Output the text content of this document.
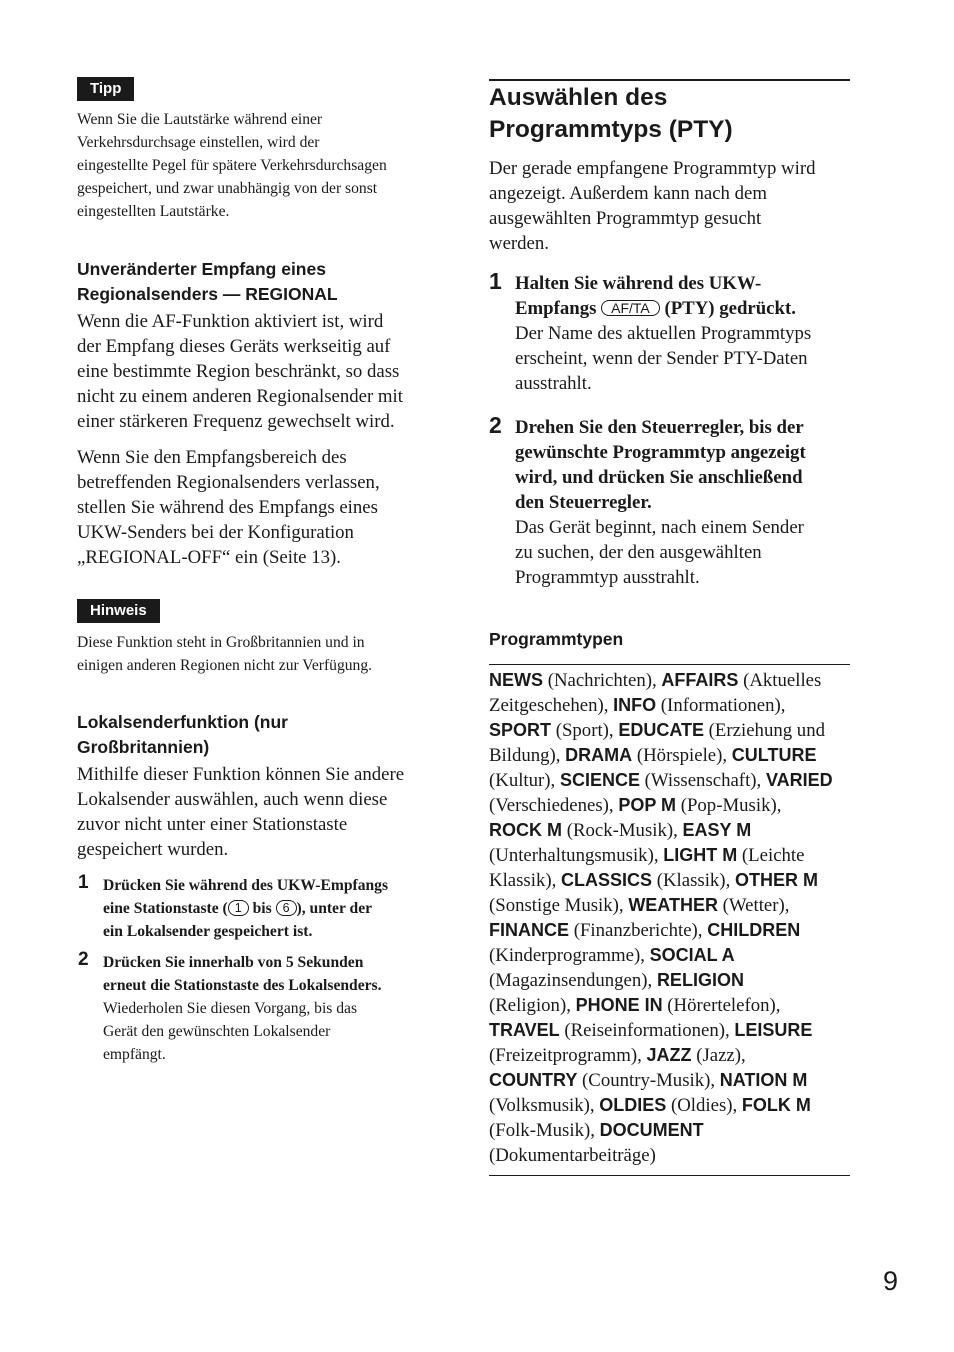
Tipp

Wenn Sie die Lautstärke während einer
Verkehrsdurchsage einstellen, wird der
eingestellte Pegel für spätere Verkehrsdurchsagen
gespeichert, und zwar unabhängig von der sonst
eingestellten Lautstärke.

Unveränderter Empfang eines
Regionalsenders — REGIONAL

Wenn die AF-Funktion aktiviert ist, wird
der Empfang dieses Geräts werkseitig auf
eine bestimmte Region beschränkt, so dass
nicht zu einem anderen Regionalsender mit
einer stärkeren Frequenz gewechselt wird.

Wenn Sie den Empfangsbereich des
betreffenden Regionalsenders verlassen,
stellen Sie während des Empfangs eines
UKW-Senders bei der Konfiguration
„REGIONAL-OFF“ ein (Seite 13).

Hinweis

Diese Funktion steht in Großbritannien und in
einigen anderen Regionen nicht zur Verfügung.

Lokalsenderfunktion (nur
Großbritannien)

Mithilfe dieser Funktion können Sie andere
Lokalsender auswählen, auch wenn diese
zuvor nicht unter einer Stationstaste
gespeichert wurden.

1 Drücken Sie während des UKW-Empfangs
eine Stationstaste ( 1 bis 6 ), unter der
ein Lokalsender gespeichert ist.

2 Drücken Sie innerhalb von 5 Sekunden
erneut die Stationstaste des Lokalsenders.
Wiederholen Sie diesen Vorgang, bis das
Gerät den gewünschten Lokalsender
empfängt.

Auswählen des
Programmtyps (PTY)

Der gerade empfangene Programmtyp wird
angezeigt. Außerdem kann nach dem
ausgewählten Programmtyp gesucht
werden.

1 Halten Sie während des UKW-
Empfangs AF/TA (PTY) gedrückt.
Der Name des aktuellen Programmtyps
erscheint, wenn der Sender PTY-Daten
ausstrahlt.

2 Drehen Sie den Steuerregler, bis der
gewünschte Programmtyp angezeigt
wird, und drücken Sie anschließend
den Steuerregler.
Das Gerät beginnt, nach einem Sender
zu suchen, der den ausgewählten
Programmtyp ausstrahlt.

Programmtypen

NEWS (Nachrichten), AFFAIRS (Aktuelles
Zeitgeschehen), INFO (Informationen),
SPORT (Sport), EDUCATE (Erziehung und
Bildung), DRAMA (Hörspiele), CULTURE
(Kultur), SCIENCE (Wissenschaft), VARIED
(Verschiedenes), POP M (Pop-Musik),
ROCK M (Rock-Musik), EASY M
(Unterhaltungsmusik), LIGHT M (Leichte
Klassik), CLASSICS (Klassik), OTHER M
(Sonstige Musik), WEATHER (Wetter),
FINANCE (Finanzberichte), CHILDREN
(Kinderprogramme), SOCIAL A
(Magazinsendungen), RELIGION
(Religion), PHONE IN (Hörertelefon),
TRAVEL (Reiseinformationen), LEISURE
(Freizeitprogramm), JAZZ (Jazz),
COUNTRY (Country-Musik), NATION M
(Volksmusik), OLDIES (Oldies), FOLK M
(Folk-Musik), DOCUMENT
(Dokumentarbeiträge)

9
